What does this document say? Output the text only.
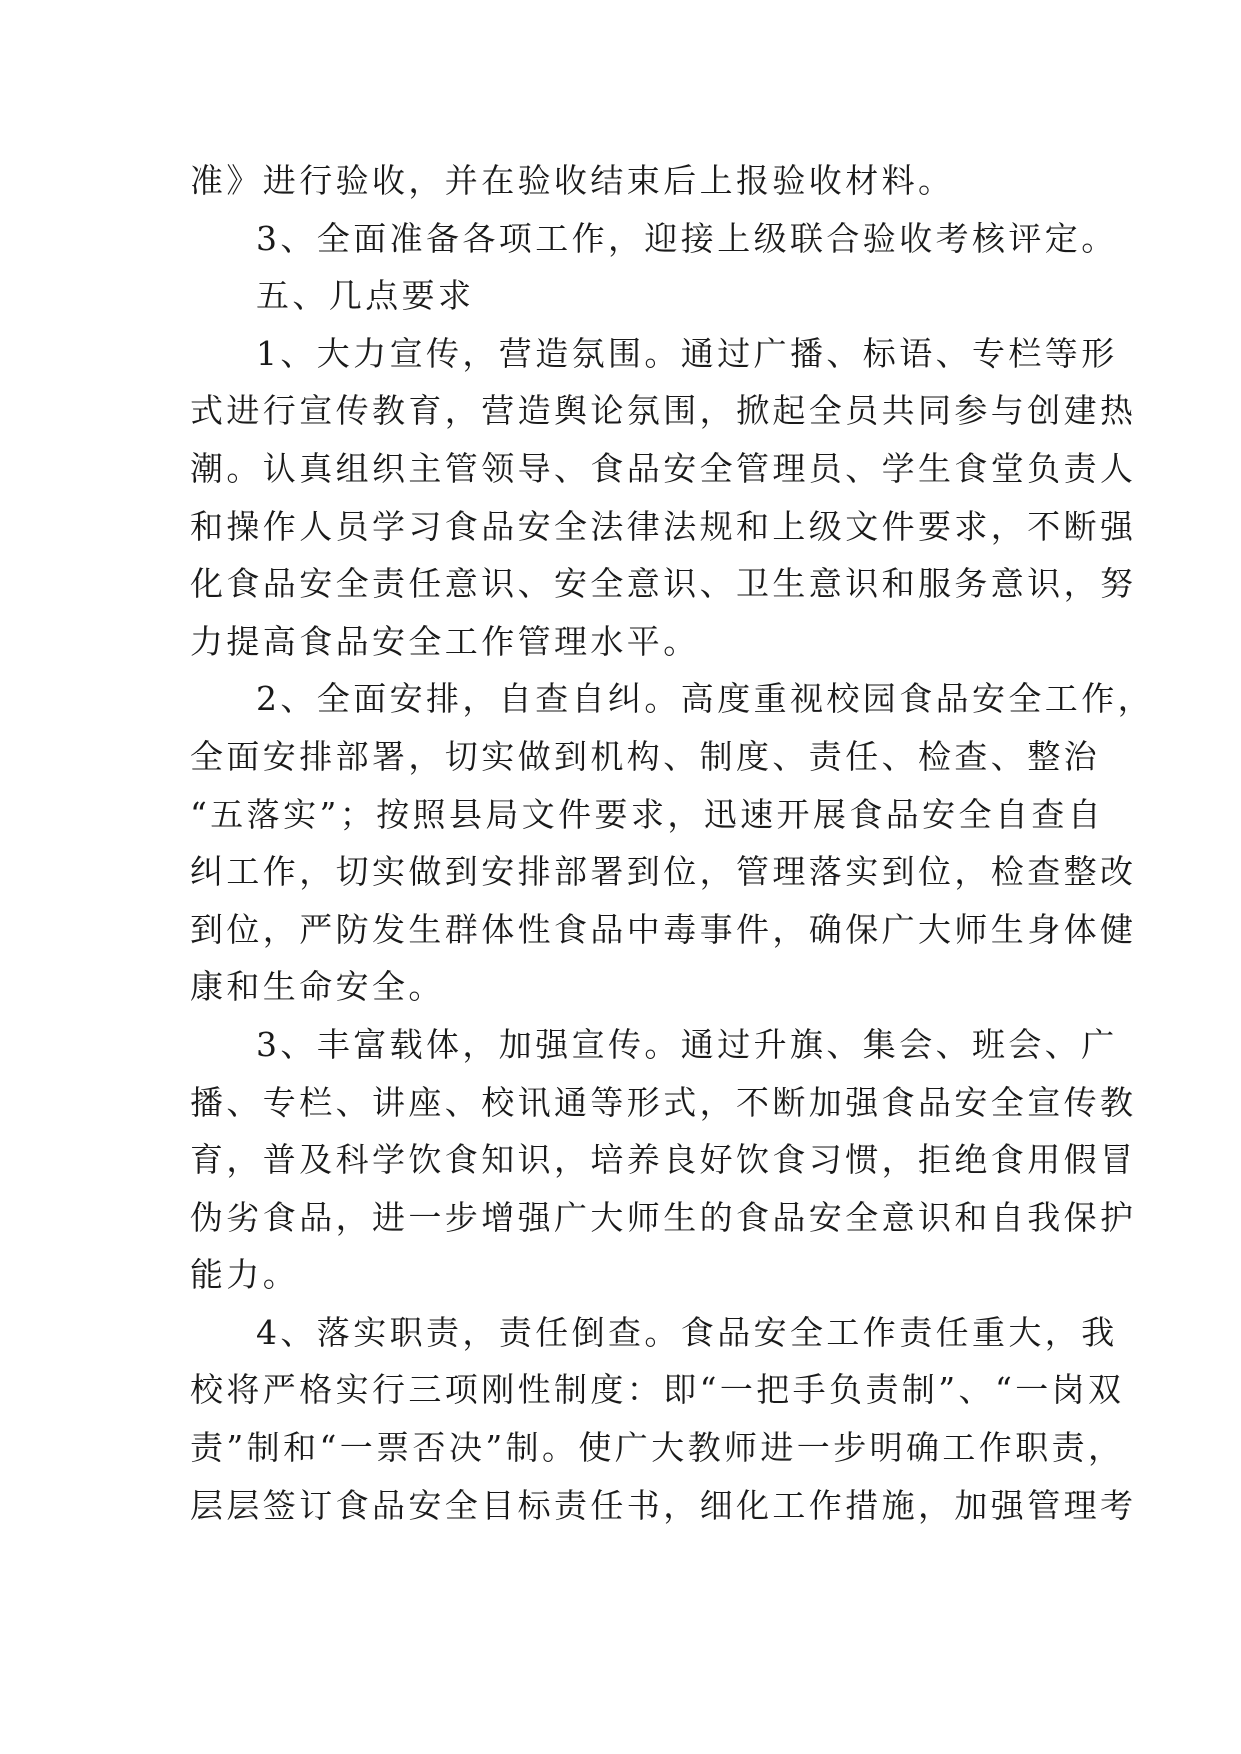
准》进行验收，并在验收结束后上报验收材料。
3、全面准备各项工作，迎接上级联合验收考核评定。
五、几点要求
1、大力宣传，营造氛围。通过广播、标语、专栏等形
式进行宣传教育，营造舆论氛围，掀起全员共同参与创建热
潮。认真组织主管领导、食品安全管理员、学生食堂负责人
和操作人员学习食品安全法律法规和上级文件要求，不断强
化食品安全责任意识、安全意识、卫生意识和服务意识，努
力提高食品安全工作管理水平。
2、全面安排，自查自纠。高度重视校园食品安全工作，
全面安排部署，切实做到机构、制度、责任、检查、整治
“五落实”；按照县局文件要求，迅速开展食品安全自查自
纠工作，切实做到安排部署到位，管理落实到位，检查整改
到位，严防发生群体性食品中毒事件，确保广大师生身体健
康和生命安全。
3、丰富载体，加强宣传。通过升旗、集会、班会、广
播、专栏、讲座、校讯通等形式，不断加强食品安全宣传教
育，普及科学饮食知识，培养良好饮食习惯，拒绝食用假冒
伪劣食品，进一步增强广大师生的食品安全意识和自我保护
能力。
4、落实职责，责任倒查。食品安全工作责任重大，我
校将严格实行三项刚性制度：即“一把手负责制”、“一岗双
责”制和“一票否决”制。使广大教师进一步明确工作职责，
层层签订食品安全目标责任书，细化工作措施，加强管理考
